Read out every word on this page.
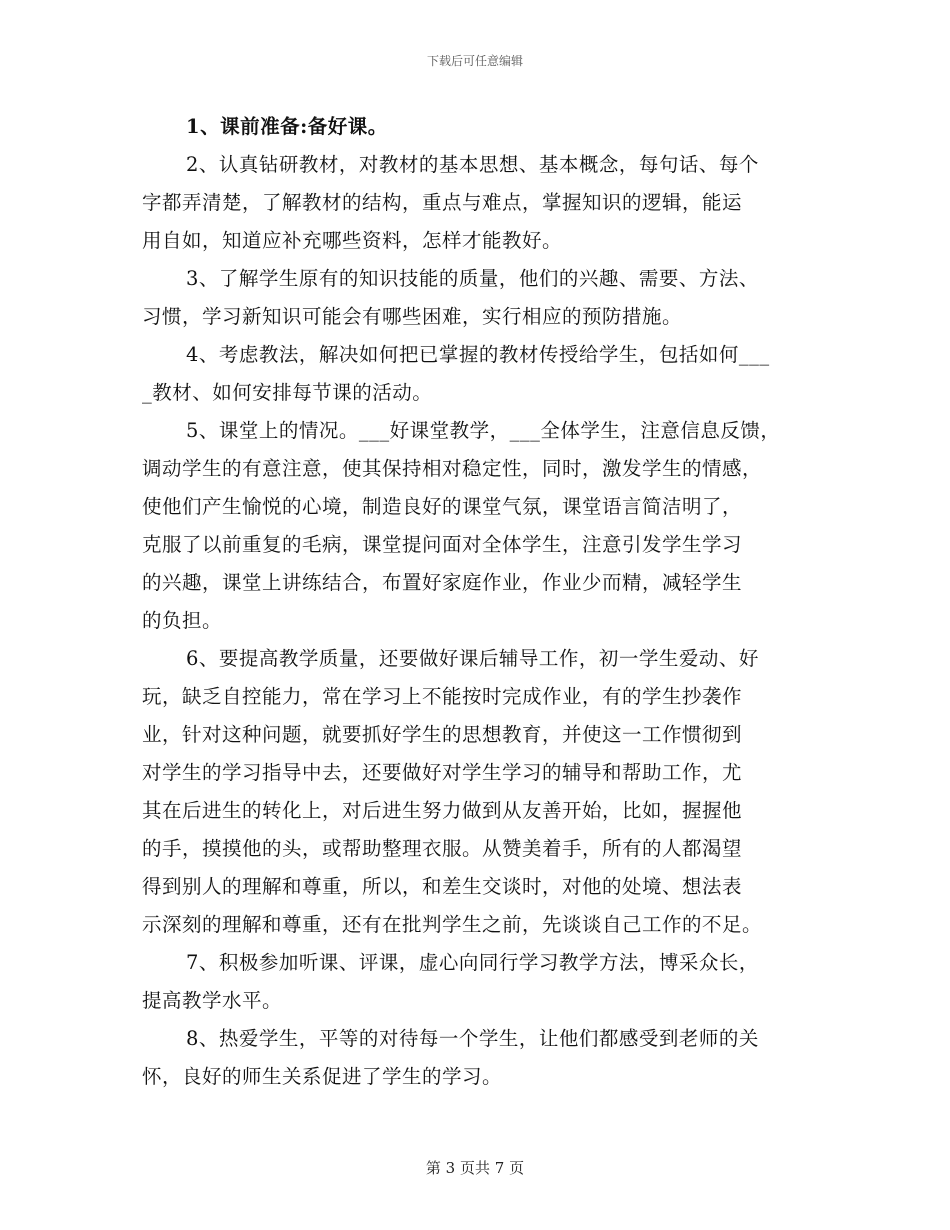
下载后可任意编辑
1、课前准备:备好课。
2、认真钻研教材，对教材的基本思想、基本概念，每句话、每个
字都弄清楚，了解教材的结构，重点与难点，掌握知识的逻辑，能运
用自如，知道应补充哪些资料，怎样才能教好。
3、了解学生原有的知识技能的质量，他们的兴趣、需要、方法、
习惯，学习新知识可能会有哪些困难，实行相应的预防措施。
4、考虑教法，解决如何把已掌握的教材传授给学生，包括如何___
_教材、如何安排每节课的活动。
5、课堂上的情况。___好课堂教学，___全体学生，注意信息反馈，
调动学生的有意注意，使其保持相对稳定性，同时，激发学生的情感，
使他们产生愉悦的心境，制造良好的课堂气氛，课堂语言简洁明了，
克服了以前重复的毛病，课堂提问面对全体学生，注意引发学生学习
的兴趣，课堂上讲练结合，布置好家庭作业，作业少而精，减轻学生
的负担。
6、要提高教学质量，还要做好课后辅导工作，初一学生爱动、好
玩，缺乏自控能力，常在学习上不能按时完成作业，有的学生抄袭作
业，针对这种问题，就要抓好学生的思想教育，并使这一工作惯彻到
对学生的学习指导中去，还要做好对学生学习的辅导和帮助工作，尤
其在后进生的转化上，对后进生努力做到从友善开始，比如，握握他
的手，摸摸他的头，或帮助整理衣服。从赞美着手，所有的人都渴望
得到别人的理解和尊重，所以，和差生交谈时，对他的处境、想法表
示深刻的理解和尊重，还有在批判学生之前，先谈谈自己工作的不足。
7、积极参加听课、评课，虚心向同行学习教学方法，博采众长，
提高教学水平。
8、热爱学生，平等的对待每一个学生，让他们都感受到老师的关
怀，良好的师生关系促进了学生的学习。
第 3 页共 7 页
